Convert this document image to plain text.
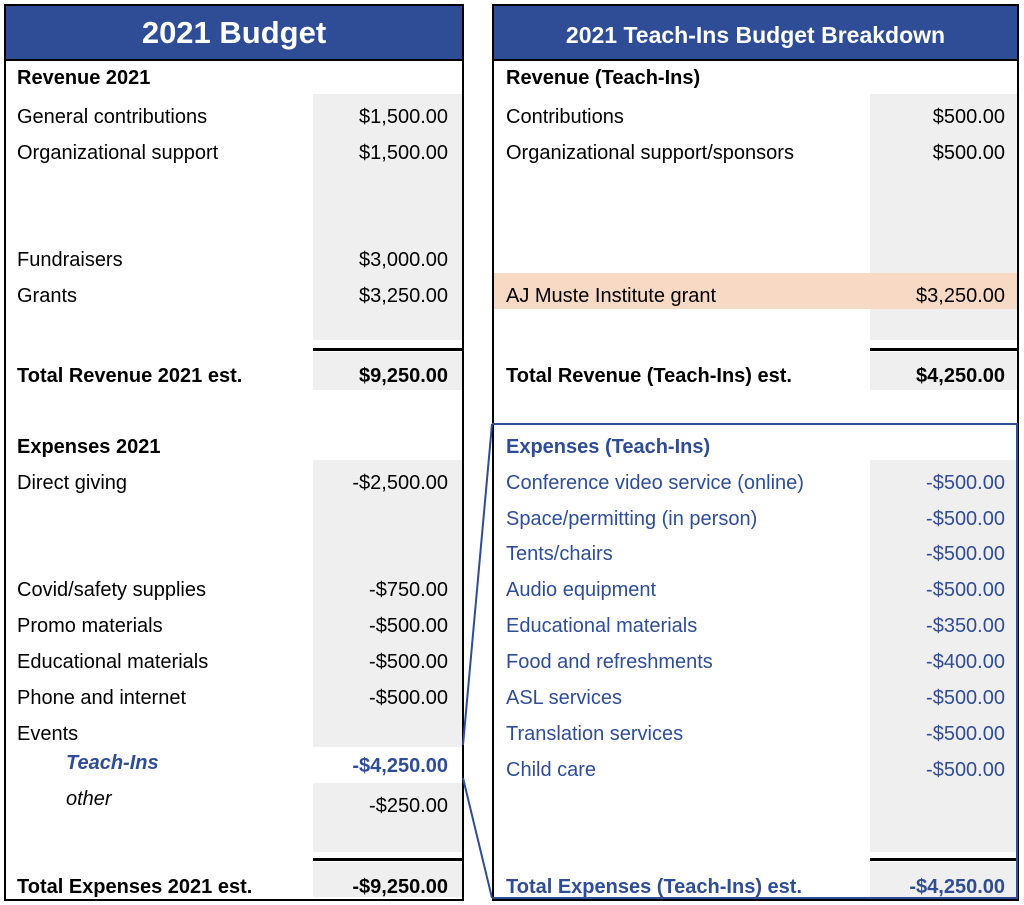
2021 Budget
Revenue 2021
General contributions	$1,500.00
Organizational support	$1,500.00
Fundraisers	$3,000.00
Grants	$3,250.00
Total Revenue 2021 est.	$9,250.00
Expenses 2021
Direct giving	-$2,500.00
Covid/safety supplies	-$750.00
Promo materials	-$500.00
Educational materials	-$500.00
Phone and internet	-$500.00
Events
Teach-Ins	-$4,250.00
other	-$250.00
Total Expenses 2021 est.	-$9,250.00
2021 Teach-Ins Budget Breakdown
Revenue (Teach-Ins)
Contributions	$500.00
Organizational support/sponsors	$500.00
AJ Muste Institute grant	$3,250.00
Total Revenue (Teach-Ins) est.	$4,250.00
Expenses (Teach-Ins)
Conference video service (online)	-$500.00
Space/permitting (in person)	-$500.00
Tents/chairs	-$500.00
Audio equipment	-$500.00
Educational materials	-$350.00
Food and refreshments	-$400.00
ASL services	-$500.00
Translation services	-$500.00
Child care	-$500.00
Total Expenses (Teach-Ins) est.	-$4,250.00
